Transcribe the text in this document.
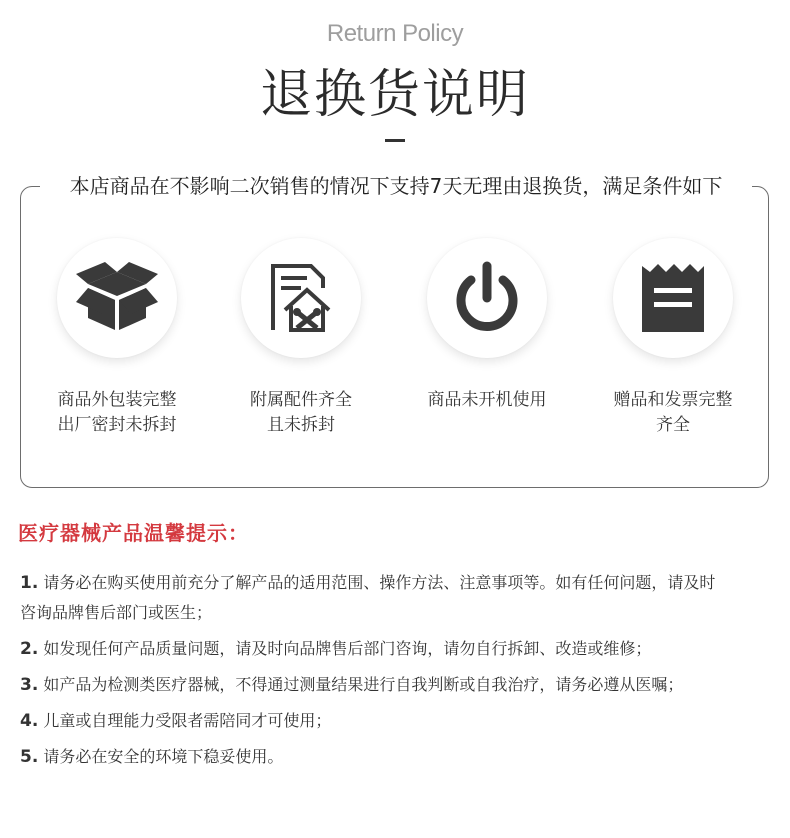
Return Policy
退换货说明
本店商品在不影响二次销售的情况下支持7天无理由退换货，满足条件如下
商品外包装完整
出厂密封未拆封
附属配件齐全
且未拆封
商品未开机使用	赠品和发票完整
齐全
医疗器械产品温馨提示：
1. 请务必在购买使用前充分了解产品的适用范围、操作方法、注意事项等。如有任何问题，请及时
咨询品牌售后部门或医生；
2. 如发现任何产品质量问题，请及时向品牌售后部门咨询，请勿自行拆卸、改造或维修；
3. 如产品为检测类医疗器械，不得通过测量结果进行自我判断或自我治疗，请务必遵从医嘱；
4. 儿童或自理能力受限者需陪同才可使用；
5. 请务必在安全的环境下稳妥使用。
